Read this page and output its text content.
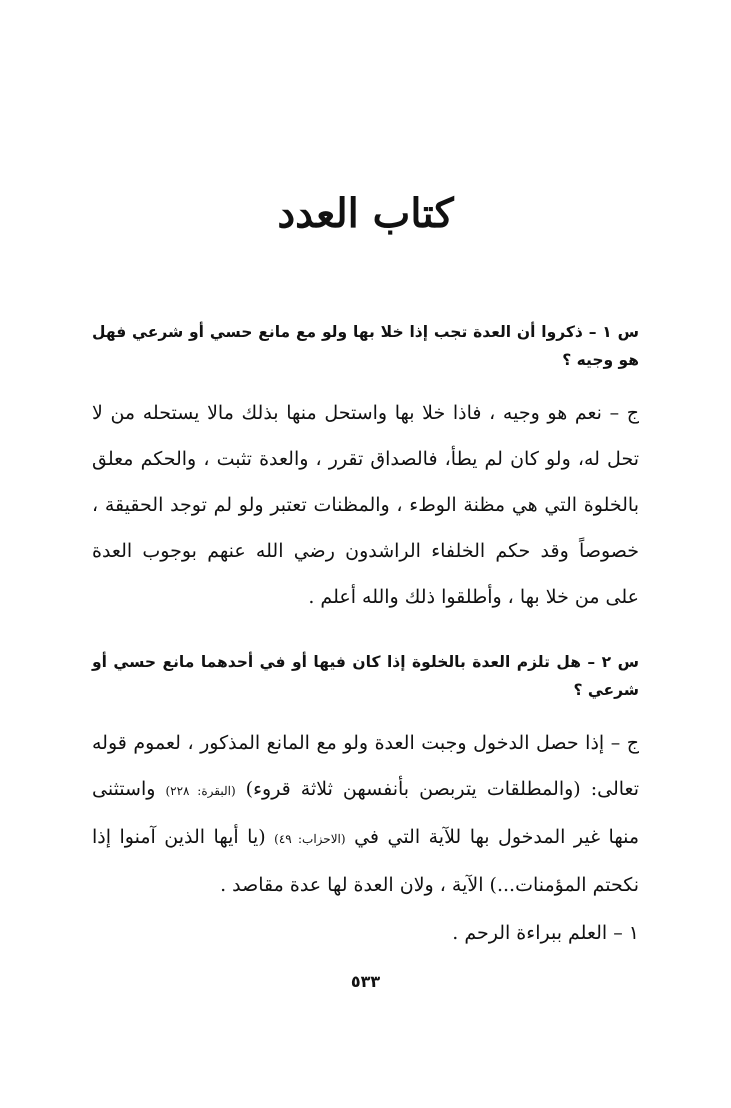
كتاب العدد
س ١ – ذكروا أن العدة تجب إذا خلا بها ولو مع مانع حسي أو شرعي فهل هو وجيه ؟
ج – نعم هو وجيه ، فاذا خلا بها واستحل منها بذلك مالا يستحله من لا تحل له، ولو كان لم يطأ، فالصداق تقرر ، والعدة تثبت ، والحكم معلق بالخلوة التي هي مظنة الوطء ، والمظنات تعتبر ولو لم توجد الحقيقة ، خصوصاً وقد حكم الخلفاء الراشدون رضي الله عنهم بوجوب العدة على من خلا بها ، وأطلقوا ذلك والله أعلم .
س ٢ – هل تلزم العدة بالخلوة إذا كان فيها أو في أحدهما مانع حسي أو شرعي ؟
ج – إذا حصل الدخول وجبت العدة ولو مع المانع المذكور ، لعموم قوله تعالى: (والمطلقات يتربصن بأنفسهن ثلاثة قروء) (البقرة: ٢٢٨) واستثنى منها غير المدخول بها للآية التي في (الاحزاب: ٤٩) (يا أيها الذين آمنوا إذا نكحتم المؤمنات...) الآية ، ولان العدة لها عدة مقاصد .
١ – العلم ببراءة الرحم .
٥٣٣
